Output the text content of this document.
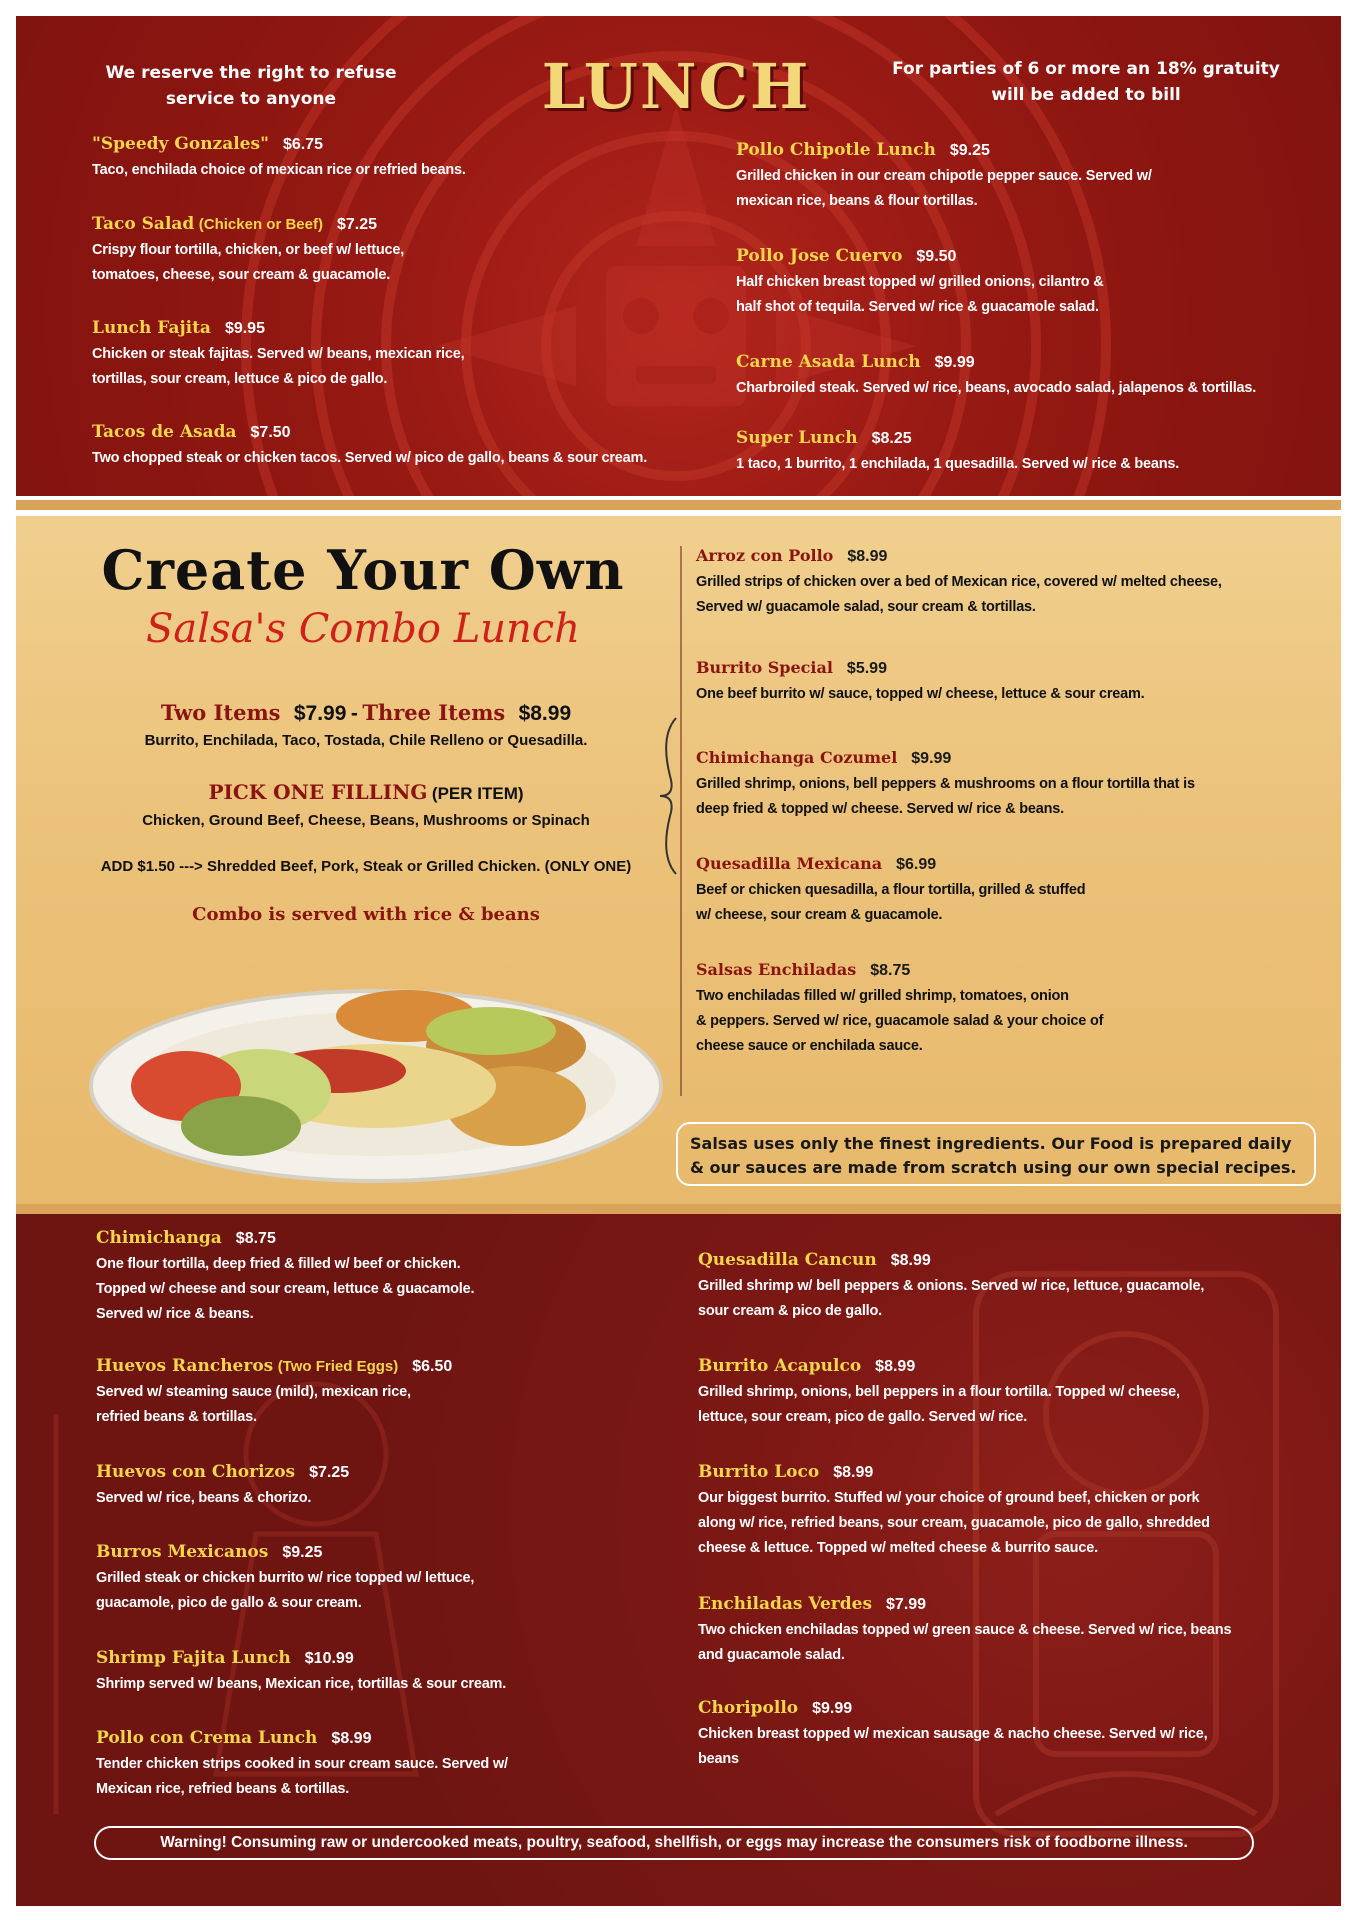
We reserve the right to refuse service to anyone	LUNCH	For parties of 6 or more an 18% gratuity will be added to bill
"Speedy Gonzales" $6.75
Taco, enchilada choice of mexican rice or refried beans.
Taco Salad (Chicken or Beef) $7.25
Crispy flour tortilla, chicken, or beef w/ lettuce,
tomatoes, cheese, sour cream & guacamole.
Lunch Fajita $9.95
Chicken or steak fajitas. Served w/ beans, mexican rice,
tortillas, sour cream, lettuce & pico de gallo.
Tacos de Asada $7.50
Two chopped steak or chicken tacos. Served w/ pico de gallo, beans & sour cream.
Pollo Chipotle Lunch $9.25
Grilled chicken in our cream chipotle pepper sauce. Served w/
mexican rice, beans & flour tortillas.
Pollo Jose Cuervo $9.50
Half chicken breast topped w/ grilled onions, cilantro &
half shot of tequila. Served w/ rice & guacamole salad.
Carne Asada Lunch $9.99
Charbroiled steak. Served w/ rice, beans, avocado salad, jalapenos & tortillas.
Super Lunch $8.25
1 taco, 1 burrito, 1 enchilada, 1 quesadilla. Served w/ rice & beans.
Create Your Own
Salsa's Combo Lunch
Two Items $7.99 - Three Items $8.99
Burrito, Enchilada, Taco, Tostada, Chile Relleno or Quesadilla.
PICK ONE FILLING (PER ITEM)
Chicken, Ground Beef, Cheese, Beans, Mushrooms or Spinach
ADD $1.50 ---> Shredded Beef, Pork, Steak or Grilled Chicken. (ONLY ONE)
Combo is served with rice & beans
Arroz con Pollo $8.99
Grilled strips of chicken over a bed of Mexican rice, covered w/ melted cheese,
Served w/ guacamole salad, sour cream & tortillas.
Burrito Special $5.99
One beef burrito w/ sauce, topped w/ cheese, lettuce & sour cream.
Chimichanga Cozumel $9.99
Grilled shrimp, onions, bell peppers & mushrooms on a flour tortilla that is
deep fried & topped w/ cheese. Served w/ rice & beans.
Quesadilla Mexicana $6.99
Beef or chicken quesadilla, a flour tortilla, grilled & stuffed
w/ cheese, sour cream & guacamole.
Salsas Enchiladas $8.75
Two enchiladas filled w/ grilled shrimp, tomatoes, onion
& peppers. Served w/ rice, guacamole salad & your choice of
cheese sauce or enchilada sauce.
Salsas uses only the finest ingredients. Our Food is prepared daily
& our sauces are made from scratch using our own special recipes.
Chimichanga $8.75
One flour tortilla, deep fried & filled w/ beef or chicken.
Topped w/ cheese and sour cream, lettuce & guacamole.
Served w/ rice & beans.
Huevos Rancheros (Two Fried Eggs) $6.50
Served w/ steaming sauce (mild), mexican rice,
refried beans & tortillas.
Huevos con Chorizos $7.25
Served w/ rice, beans & chorizo.
Burros Mexicanos $9.25
Grilled steak or chicken burrito w/ rice topped w/ lettuce,
guacamole, pico de gallo & sour cream.
Shrimp Fajita Lunch $10.99
Shrimp served w/ beans, Mexican rice, tortillas & sour cream.
Pollo con Crema Lunch $8.99
Tender chicken strips cooked in sour cream sauce. Served w/
Mexican rice, refried beans & tortillas.
Quesadilla Cancun $8.99
Grilled shrimp w/ bell peppers & onions. Served w/ rice, lettuce, guacamole,
sour cream & pico de gallo.
Burrito Acapulco $8.99
Grilled shrimp, onions, bell peppers in a flour tortilla. Topped w/ cheese,
lettuce, sour cream, pico de gallo. Served w/ rice.
Burrito Loco $8.99
Our biggest burrito. Stuffed w/ your choice of ground beef, chicken or pork
along w/ rice, refried beans, sour cream, guacamole, pico de gallo, shredded
cheese & lettuce. Topped w/ melted cheese & burrito sauce.
Enchiladas Verdes $7.99
Two chicken enchiladas topped w/ green sauce & cheese. Served w/ rice, beans
and guacamole salad.
Choripollo $9.99
Chicken breast topped w/ mexican sausage & nacho cheese. Served w/ rice,
beans
Warning! Consuming raw or undercooked meats, poultry, seafood, shellfish, or eggs may increase the consumers risk of foodborne illness.
